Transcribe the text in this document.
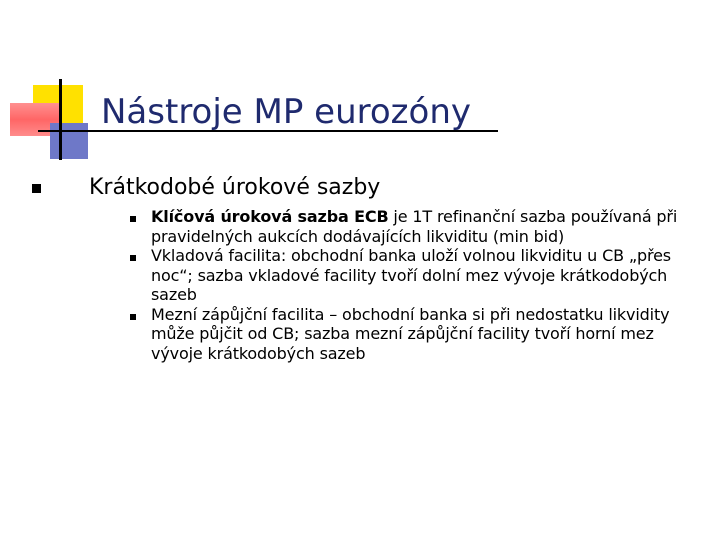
Nástroje MP eurozóny
Krátkodobé úrokové sazby
Klíčová úroková sazba ECB je 1T refinanční sazba používaná při pravidelných aukcích dodávajících likviditu (min bid)
Vkladová facilita: obchodní banka uloží volnou likviditu u CB „přes noc“; sazba vkladové facility tvoří dolní mez vývoje krátkodobých sazeb
Mezní zápůjční facilita – obchodní banka si při nedostatku likvidity může půjčit od CB; sazba mezní zápůjční facility tvoří horní mez vývoje krátkodobých sazeb
